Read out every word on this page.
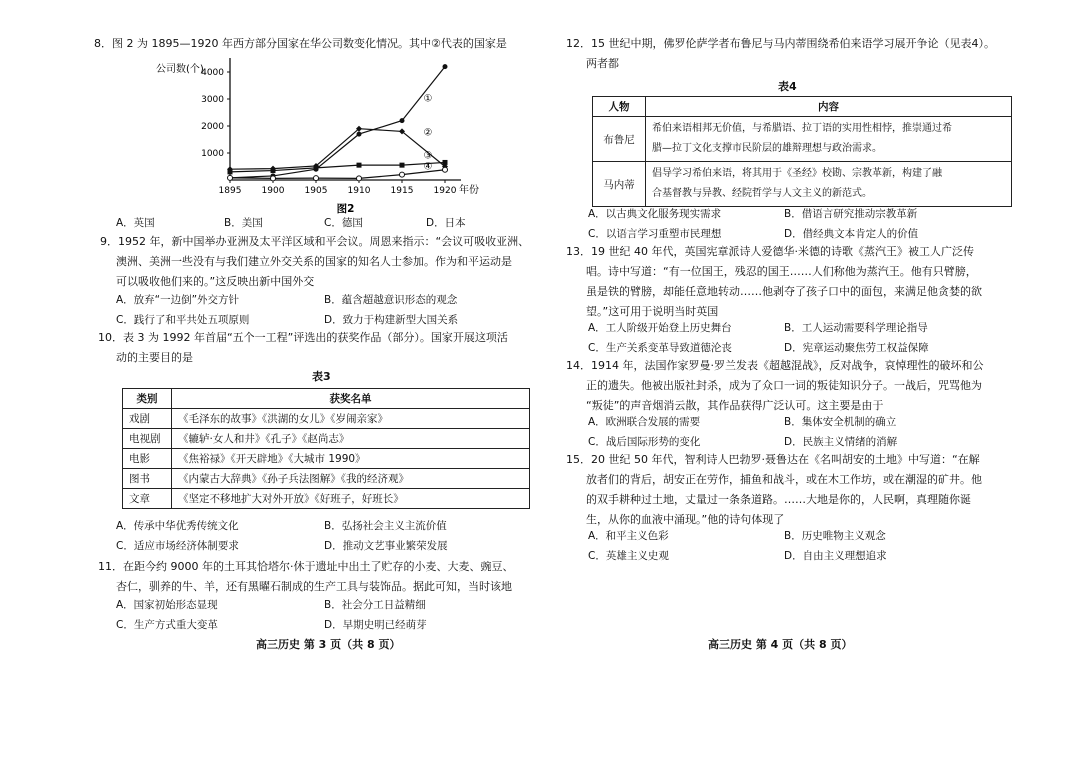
8．图 2 为 1895—1920 年西方部分国家在华公司数变化情况。其中②代表的国家是
公司数(个)
4000
3000
2000
1000
1895 1900 1905 1910 1915 1920 年份
图2
①
②
③
④
A．英国	B．美国	C．德国	D．日本
9．1952 年，新中国举办亚洲及太平洋区域和平会议。周恩来指示：“会议可吸收亚洲、
澳洲、美洲一些没有与我们建立外交关系的国家的知名人士参加。作为和平运动是
可以吸收他们来的。”这反映出新中国外交
A．放弃“一边倒”外交方针	B．蕴含超越意识形态的观念
C．践行了和平共处五项原则	D．致力于构建新型大国关系
10．表 3 为 1992 年首届“五个一工程”评选出的获奖作品（部分）。国家开展这项活
动的主要目的是
表3
类别	获奖名单
戏剧	《毛泽东的故事》《洪湖的女儿》《岁闹亲家》
电视剧	《辘轳·女人和井》《孔子》《赵尚志》
电影	《焦裕禄》《开天辟地》《大城市 1990》
图书	《内蒙古大辞典》《孙子兵法图解》《我的经济观》
文章	《坚定不移地扩大对外开放》《好班子，好班长》
A．传承中华优秀传统文化	B．弘扬社会主义主流价值
C．适应市场经济体制要求	D．推动文艺事业繁荣发展
11．在距今约 9000 年的土耳其恰塔尔·休于遗址中出土了贮存的小麦、大麦、豌豆、
杏仁，驯养的牛、羊，还有黑曜石制成的生产工具与装饰品。据此可知，当时该地
A．国家初始形态显现	B．社会分工日益精细
C．生产方式重大变革	D．早期史明已经萌芽
高三历史 第 3 页（共 8 页）
12．15 世纪中期，佛罗伦萨学者布鲁尼与马内蒂围绕希伯来语学习展开争论（见表4）。
两者都
表4
人物	内容
布鲁尼	希伯来语相邦无价值，与希腊语、拉丁语的实用性相悖，推崇通过希
腊—拉丁文化支撑市民阶层的雄辩理想与政治需求。

马内蒂	倡导学习希伯来语，将其用于《圣经》校勘、宗教革新，构建了融
合基督教与异教、经院哲学与人文主义的新范式。
A．以古典文化服务现实需求	B．借语言研究推动宗教革新
C．以语言学习重塑市民理想	D．借经典文本肯定人的价值
13．19 世纪 40 年代，英国宪章派诗人爱德华·米德的诗歌《蒸汽王》被工人广泛传
唱。诗中写道：“有一位国王，残忍的国王……人们称他为蒸汽王。他有只臂膀，
虽是铁的臂膀，却能任意地转动……他剥夺了孩子口中的面包，来满足他贪婪的欲
望。”这可用于说明当时英国
A．工人阶级开始登上历史舞台	B．工人运动需要科学理论指导
C．生产关系变革导致道德沦丧	D．宪章运动聚焦劳工权益保障
14．1914 年，法国作家罗曼·罗兰发表《超越混战》，反对战争，哀悼理性的破坏和公
正的遗失。他被出版社封杀，成为了众口一词的叛徒知识分子。一战后，咒骂他为
“叛徒”的声音烟消云散，其作品获得广泛认可。这主要是由于
A．欧洲联合发展的需要	B．集体安全机制的确立
C．战后国际形势的变化	D．民族主义情绪的消解
15．20 世纪 50 年代，智利诗人巴勃罗·聂鲁达在《名叫胡安的土地》中写道：“在解
放者们的背后，胡安正在劳作，捕鱼和战斗，或在木工作坊，或在潮湿的矿井。他
的双手耕种过土地，丈量过一条条道路。……大地是你的，人民啊，真理随你诞
生，从你的血液中涌现。”他的诗句体现了
A．和平主义色彩	B．历史唯物主义观念
C．英雄主义史观	D．自由主义理想追求
高三历史 第 4 页（共 8 页）
